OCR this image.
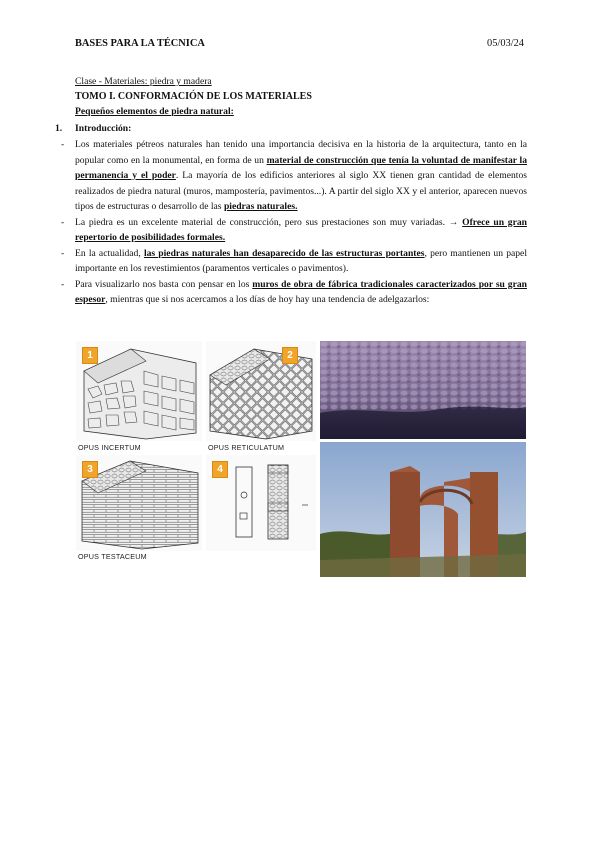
BASES PARA LA TÉCNICA	05/03/24

Clase - Materiales: piedra y madera

TOMO I. CONFORMACIÓN DE LOS MATERIALES

Pequeños elementos de piedra natural:

1. Introducción:

- Los materiales pétreos naturales han tenido una importancia decisiva en la historia de la arquitectura, tanto en la popular como en la monumental, en forma de un material de construcción que tenía la voluntad de manifestar la permanencia y el poder. La mayoría de los edificios anteriores al siglo XX tienen gran cantidad de elementos realizados de piedra natural (muros, mampostería, pavimentos...). A partir del siglo XX y el anterior, aparecen nuevos tipos de estructuras o desarrollo de las piedras naturales.
- La piedra es un excelente material de construcción, pero sus prestaciones son muy variadas. → Ofrece un gran repertorio de posibilidades formales.
- En la actualidad, las piedras naturales han desaparecido de las estructuras portantes, pero mantienen un papel importante en los revestimientos (paramentos verticales o pavimentos).
- Para visualizarlo nos basta con pensar en los muros de obra de fábrica tradicionales caracterizados por su gran espesor, mientras que si nos acercamos a los días de hoy hay una tendencia de adelgazarlos:
1
OPUS INCERTUM
2
OPUS RETICULATUM
3
OPUS TESTACEUM
4
